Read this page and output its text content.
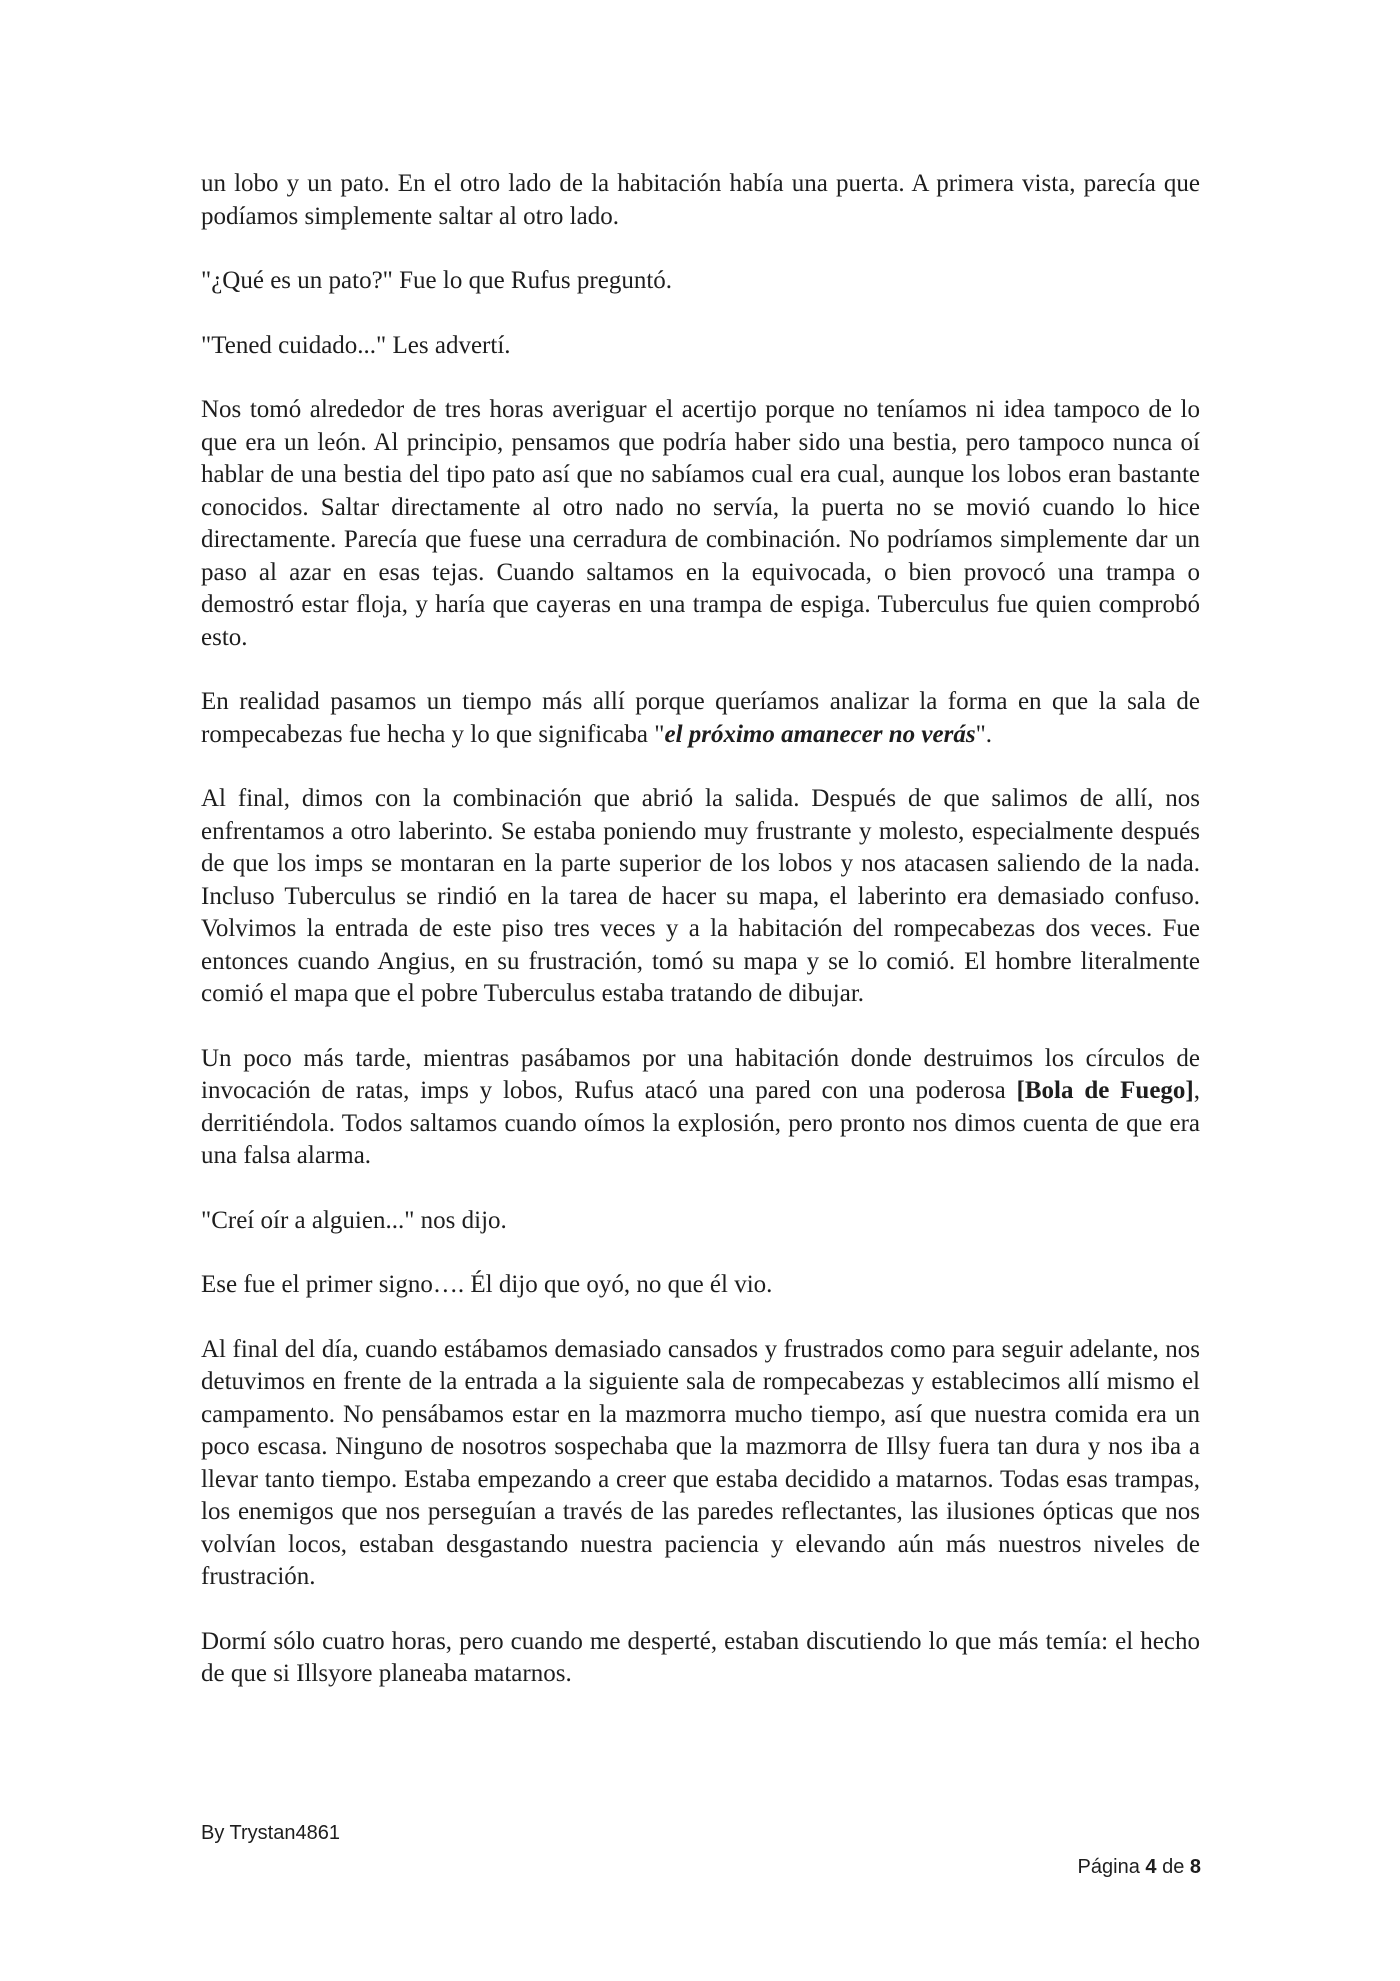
un lobo y un pato. En el otro lado de la habitación había una puerta. A primera vista, parecía que podíamos simplemente saltar al otro lado.

"¿Qué es un pato?" Fue lo que Rufus preguntó.

"Tened cuidado..." Les advertí.

Nos tomó alrededor de tres horas averiguar el acertijo porque no teníamos ni idea tampoco de lo que era un león. Al principio, pensamos que podría haber sido una bestia, pero tampoco nunca oí hablar de una bestia del tipo pato así que no sabíamos cual era cual, aunque los lobos eran bastante conocidos. Saltar directamente al otro nado no servía, la puerta no se movió cuando lo hice directamente. Parecía que fuese una cerradura de combinación. No podríamos simplemente dar un paso al azar en esas tejas. Cuando saltamos en la equivocada, o bien provocó una trampa o demostró estar floja, y haría que cayeras en una trampa de espiga. Tuberculus fue quien comprobó esto.

En realidad pasamos un tiempo más allí porque queríamos analizar la forma en que la sala de rompecabezas fue hecha y lo que significaba "el próximo amanecer no verás".

Al final, dimos con la combinación que abrió la salida. Después de que salimos de allí, nos enfrentamos a otro laberinto. Se estaba poniendo muy frustrante y molesto, especialmente después de que los imps se montaran en la parte superior de los lobos y nos atacasen saliendo de la nada. Incluso Tuberculus se rindió en la tarea de hacer su mapa, el laberinto era demasiado confuso. Volvimos la entrada de este piso tres veces y a la habitación del rompecabezas dos veces. Fue entonces cuando Angius, en su frustración, tomó su mapa y se lo comió. El hombre literalmente comió el mapa que el pobre Tuberculus estaba tratando de dibujar.

Un poco más tarde, mientras pasábamos por una habitación donde destruimos los círculos de invocación de ratas, imps y lobos, Rufus atacó una pared con una poderosa [Bola de Fuego], derritiéndola. Todos saltamos cuando oímos la explosión, pero pronto nos dimos cuenta de que era una falsa alarma.

"Creí oír a alguien..." nos dijo.

Ese fue el primer signo…. Él dijo que oyó, no que él vio.

Al final del día, cuando estábamos demasiado cansados y frustrados como para seguir adelante, nos detuvimos en frente de la entrada a la siguiente sala de rompecabezas y establecimos allí mismo el campamento. No pensábamos estar en la mazmorra mucho tiempo, así que nuestra comida era un poco escasa. Ninguno de nosotros sospechaba que la mazmorra de Illsy fuera tan dura y nos iba a llevar tanto tiempo. Estaba empezando a creer que estaba decidido a matarnos. Todas esas trampas, los enemigos que nos perseguían a través de las paredes reflectantes, las ilusiones ópticas que nos volvían locos, estaban desgastando nuestra paciencia y elevando aún más nuestros niveles de frustración.

Dormí sólo cuatro horas, pero cuando me desperté, estaban discutiendo lo que más temía: el hecho de que si Illsyore planeaba matarnos.

By Trystan4861
Página 4 de 8
